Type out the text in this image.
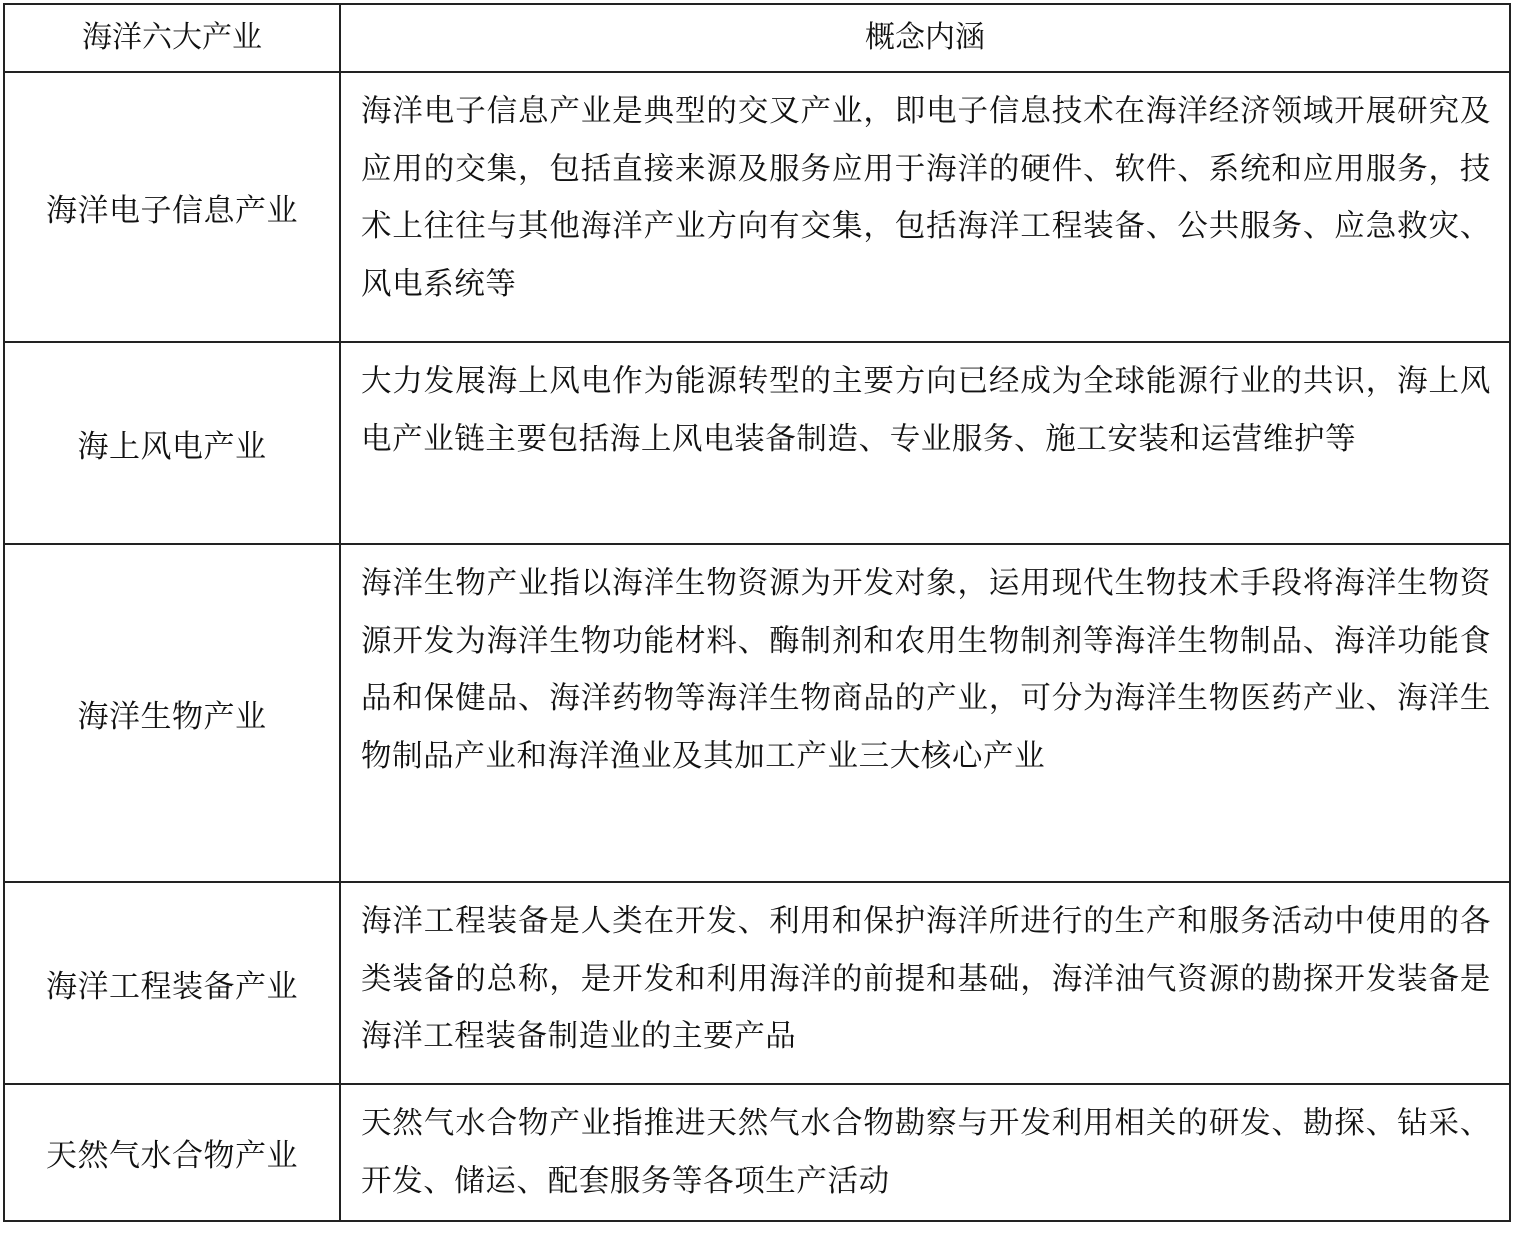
海洋六大产业	概念内涵
海洋电子信息产业	海洋电子信息产业是典型的交叉产业，即电子信息技术在海洋经济领域开展研究及应用的交集，包括直接来源及服务应用于海洋的硬件、软件、系统和应用服务，技术上往往与其他海洋产业方向有交集，包括海洋工程装备、公共服务、应急救灾、风电系统等
海上风电产业	大力发展海上风电作为能源转型的主要方向已经成为全球能源行业的共识，海上风电产业链主要包括海上风电装备制造、专业服务、施工安装和运营维护等
海洋生物产业	海洋生物产业指以海洋生物资源为开发对象，运用现代生物技术手段将海洋生物资源开发为海洋生物功能材料、酶制剂和农用生物制剂等海洋生物制品、海洋功能食品和保健品、海洋药物等海洋生物商品的产业，可分为海洋生物医药产业、海洋生物制品产业和海洋渔业及其加工产业三大核心产业
海洋工程装备产业	海洋工程装备是人类在开发、利用和保护海洋所进行的生产和服务活动中使用的各类装备的总称，是开发和利用海洋的前提和基础，海洋油气资源的勘探开发装备是海洋工程装备制造业的主要产品
天然气水合物产业	天然气水合物产业指推进天然气水合物勘察与开发利用相关的研发、勘探、钻采、开发、储运、配套服务等各项生产活动
